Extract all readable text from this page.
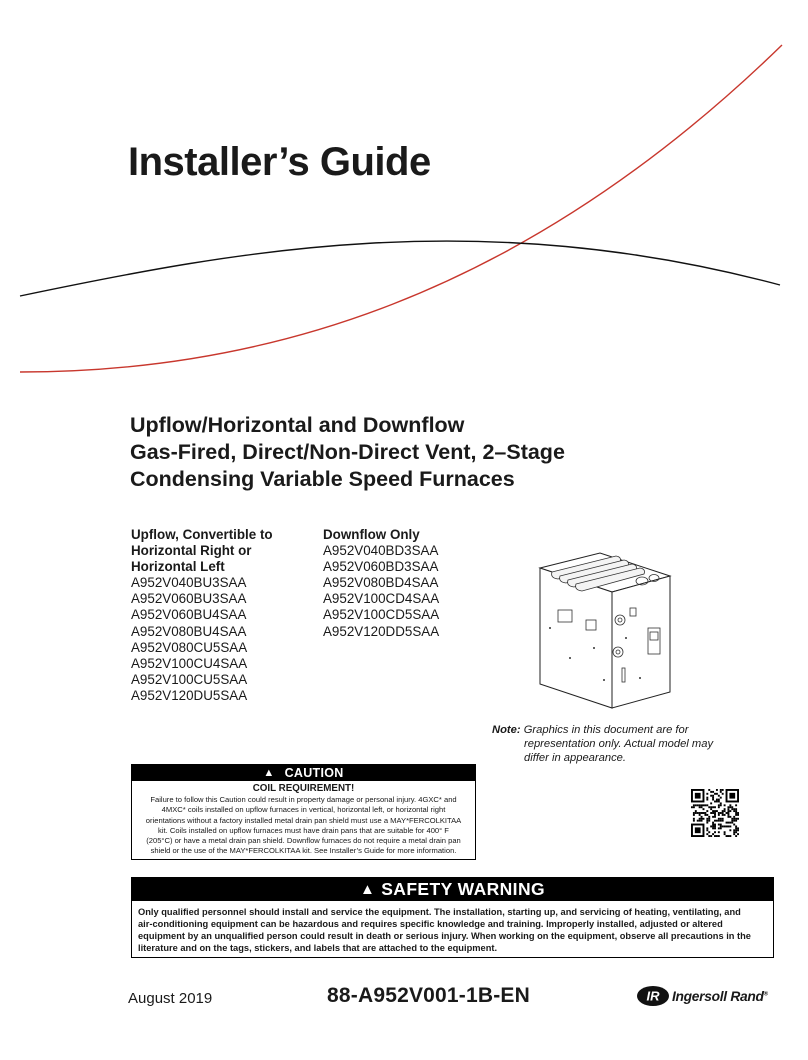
Installer’s Guide
Upflow/Horizontal and Downflow
Gas-Fired, Direct/Non-Direct Vent, 2–Stage
Condensing Variable Speed Furnaces
Upflow, Convertible to
Horizontal Right or
Horizontal Left
A952V040BU3SAA
A952V060BU3SAA
A952V060BU4SAA
A952V080BU4SAA
A952V080CU5SAA
A952V100CU4SAA
A952V100CU5SAA
A952V120DU5SAA
Downflow Only
A952V040BD3SAA
A952V060BD3SAA
A952V080BD4SAA
A952V100CD4SAA
A952V100CD5SAA
A952V120DD5SAA
Note: Graphics in this document are for
representation only. Actual model may
differ in appearance.
▲ CAUTION
COIL REQUIREMENT!
Failure to follow this Caution could result in property damage or personal injury. 4GXC* and
4MXC* coils installed on upflow furnaces in vertical, horizontal left, or horizontal right
orientations without a factory installed metal drain pan shield must use a MAY*FERCOLKITAA
kit. Coils installed on upflow furnaces must have drain pans that are suitable for 400° F
(205°C) or have a metal drain pan shield. Downflow furnaces do not require a metal drain pan
shield or the use of the MAY*FERCOLKITAA kit. See Installer’s Guide for more information.
▲ SAFETY WARNING
Only qualified personnel should install and service the equipment. The installation, starting up, and servicing of heating, ventilating, and
air-conditioning equipment can be hazardous and requires specific knowledge and training. Improperly installed, adjusted or altered
equipment by an unqualified person could result in death or serious injury. When working on the equipment, observe all precautions in the
literature and on the tags, stickers, and labels that are attached to the equipment.
August 2019	88-A952V001-1B-EN	IR Ingersoll Rand®
